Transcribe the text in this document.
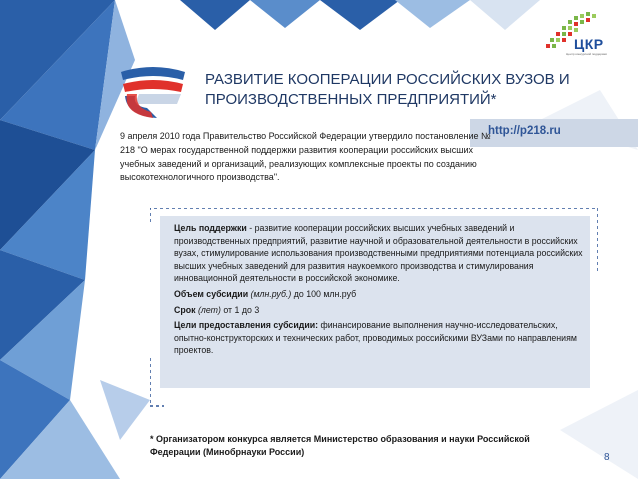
ЦКР
Центр конкурсной поддержки
РАЗВИТИЕ КООПЕРАЦИИ РОССИЙСКИХ ВУЗОВ И ПРОИЗВОДСТВЕННЫХ ПРЕДПРИЯТИЙ*
http://p218.ru
9 апреля 2010 года Правительство Российской Федерации утвердило постановление № 218 "О мерах государственной поддержки развития кооперации российских высших учебных заведений и организаций, реализующих комплексные проекты по созданию высокотехнологичного производства".

Цель поддержки - развитие кооперации российских высших учебных заведений и производственных предприятий, развитие научной и образовательной деятельности в российских вузах, стимулирование использования производственными предприятиями потенциала российских высших учебных заведений для развития наукоемкого производства и стимулирования инновационной деятельности в российской экономике.

Объем субсидии (млн.руб.) до 100 млн.руб

Срок (лет) от 1 до 3

Цели предоставления субсидии: финансирование выполнения научно-исследовательских, опытно-конструкторских и технических работ, проводимых российскими ВУЗами по направлениям проектов.

* Организатором конкурса является Министерство образования и науки Российской Федерации (Минобрнауки России)	8
